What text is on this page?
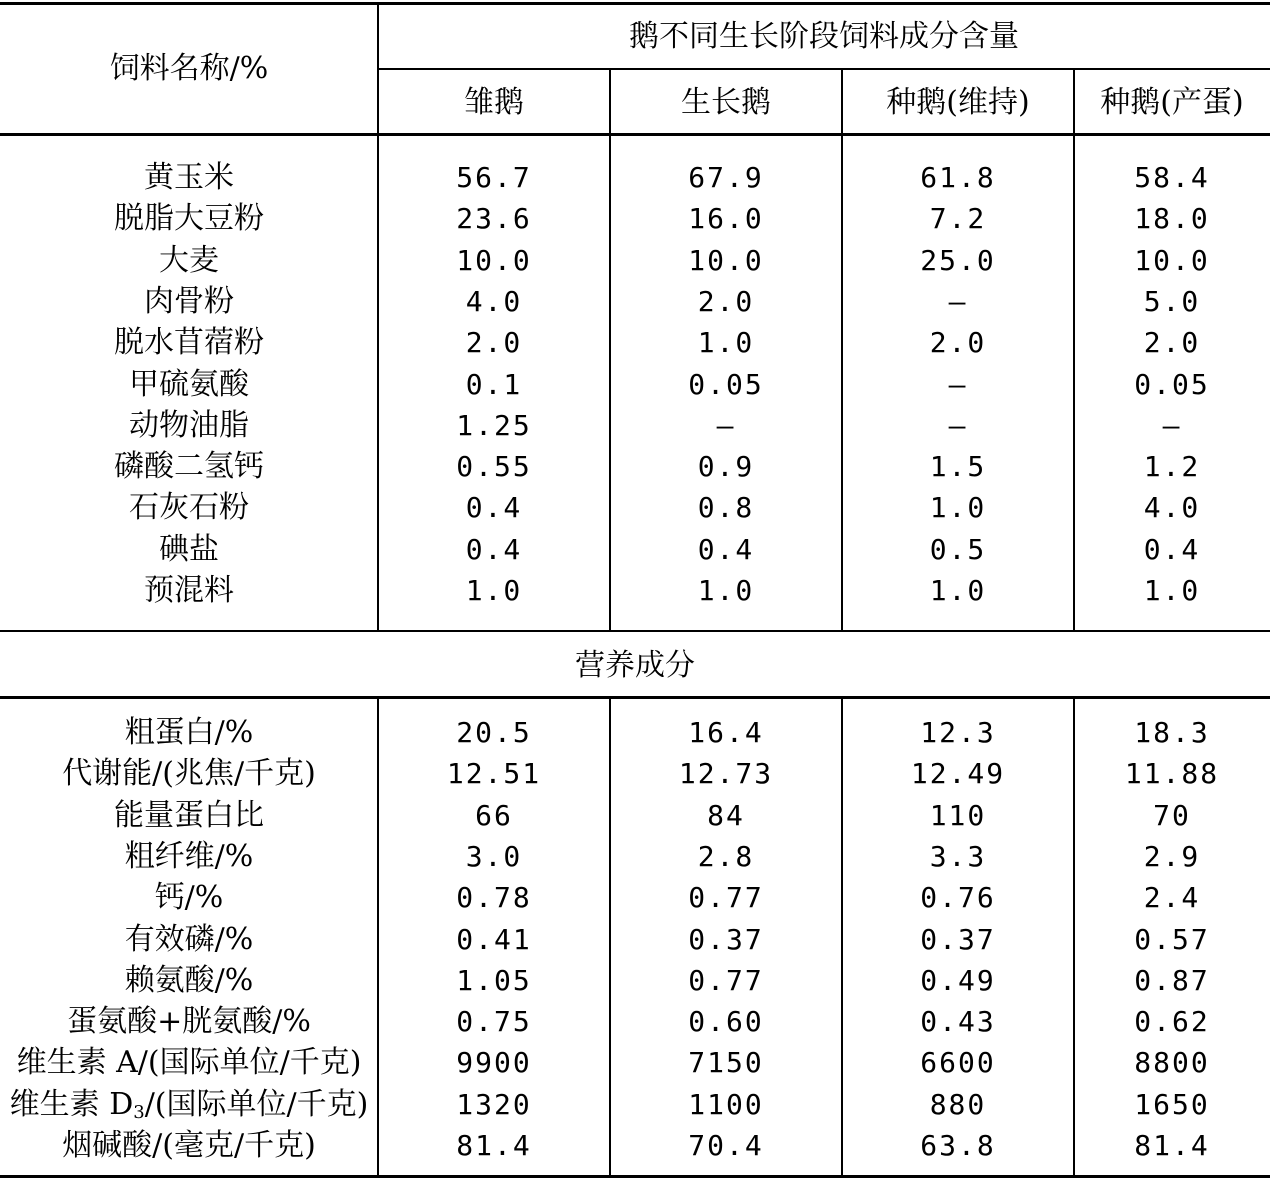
饲料名称/%
鹅不同生长阶段饲料成分含量
雏鹅	生长鹅	种鹅(维持)	种鹅(产蛋)
黄玉米	56.7	67.9	61.8	58.4
脱脂大豆粉	23.6	16.0	7.2	18.0
大麦	10.0	10.0	25.0	10.0
肉骨粉	4.0	2.0	—	5.0
脱水苜蓿粉	2.0	1.0	2.0	2.0
甲硫氨酸	0.1	0.05	—	0.05
动物油脂	1.25	—	—	—
磷酸二氢钙	0.55	0.9	1.5	1.2
石灰石粉	0.4	0.8	1.0	4.0
碘盐	0.4	0.4	0.5	0.4
预混料	1.0	1.0	1.0	1.0
营养成分
粗蛋白/%	20.5	16.4	12.3	18.3
代谢能/(兆焦/千克)	12.51	12.73	12.49	11.88
能量蛋白比	66	84	110	70
粗纤维/%	3.0	2.8	3.3	2.9
钙/%	0.78	0.77	0.76	2.4
有效磷/%	0.41	0.37	0.37	0.57
赖氨酸/%	1.05	0.77	0.49	0.87
蛋氨酸+胱氨酸/%	0.75	0.60	0.43	0.62
维生素 A/(国际单位/千克)	9900	7150	6600	8800
维生素 $D_3/$(国际单位/千克)	1320	1100	880	1650
烟碱酸/(毫克/千克)	81.4	70.4	63.8	81.4
